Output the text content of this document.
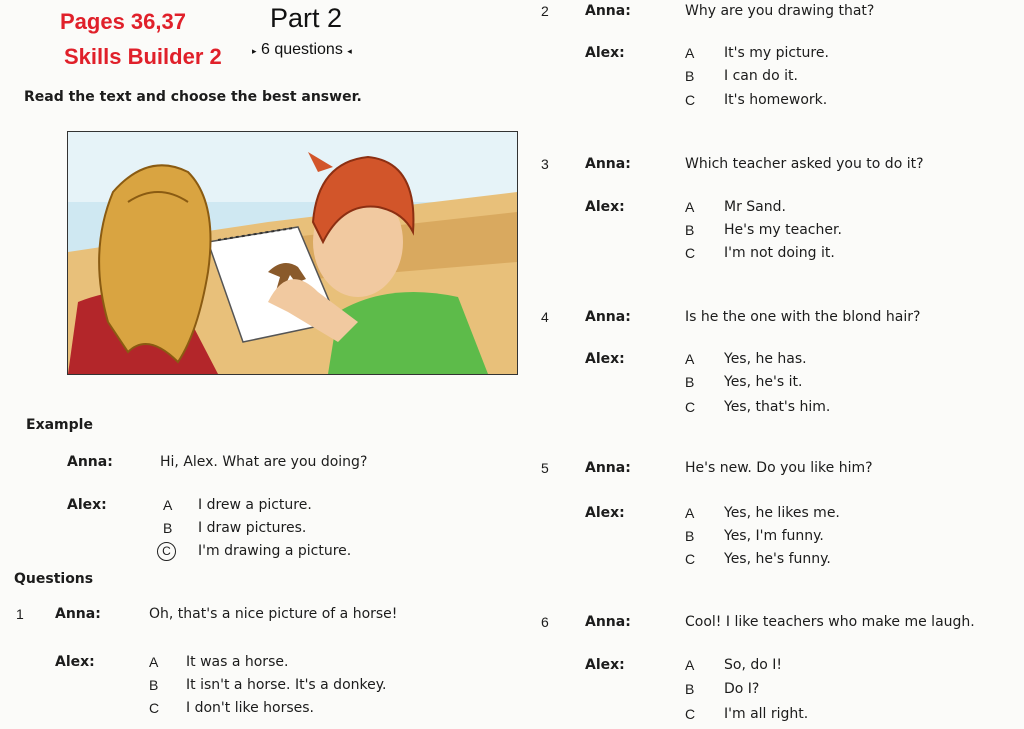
Pages 36,37
Skills Builder 2
Part 2
▸ 6 questions ◂
Read the text and choose the best answer.
Example
Anna:	Hi, Alex. What are you doing?
Alex:	A I drew a picture.
B I draw pictures.
C	I'm drawing a picture.
Questions
1 Anna:	Oh, that's a nice picture of a horse!
Alex:	A It was a horse.
B It isn't a horse. It's a donkey.
C I don't like horses.
2	Anna:	Why are you drawing that?
Alex:	A It's my picture.
B I can do it.
C It's homework.
3	Anna:	Which teacher asked you to do it?
Alex:	A Mr Sand.
B He's my teacher.
C I'm not doing it.
4	Anna:	Is he the one with the blond hair?
Alex:	A Yes, he has.
B Yes, he's it.
C Yes, that's him.
5	Anna:	He's new. Do you like him?
Alex:	A Yes, he likes me.
B Yes, I'm funny.
C Yes, he's funny.
6	Anna:	Cool! I like teachers who make me laugh.
Alex:	A So, do I!
B Do I?
C I'm all right.
